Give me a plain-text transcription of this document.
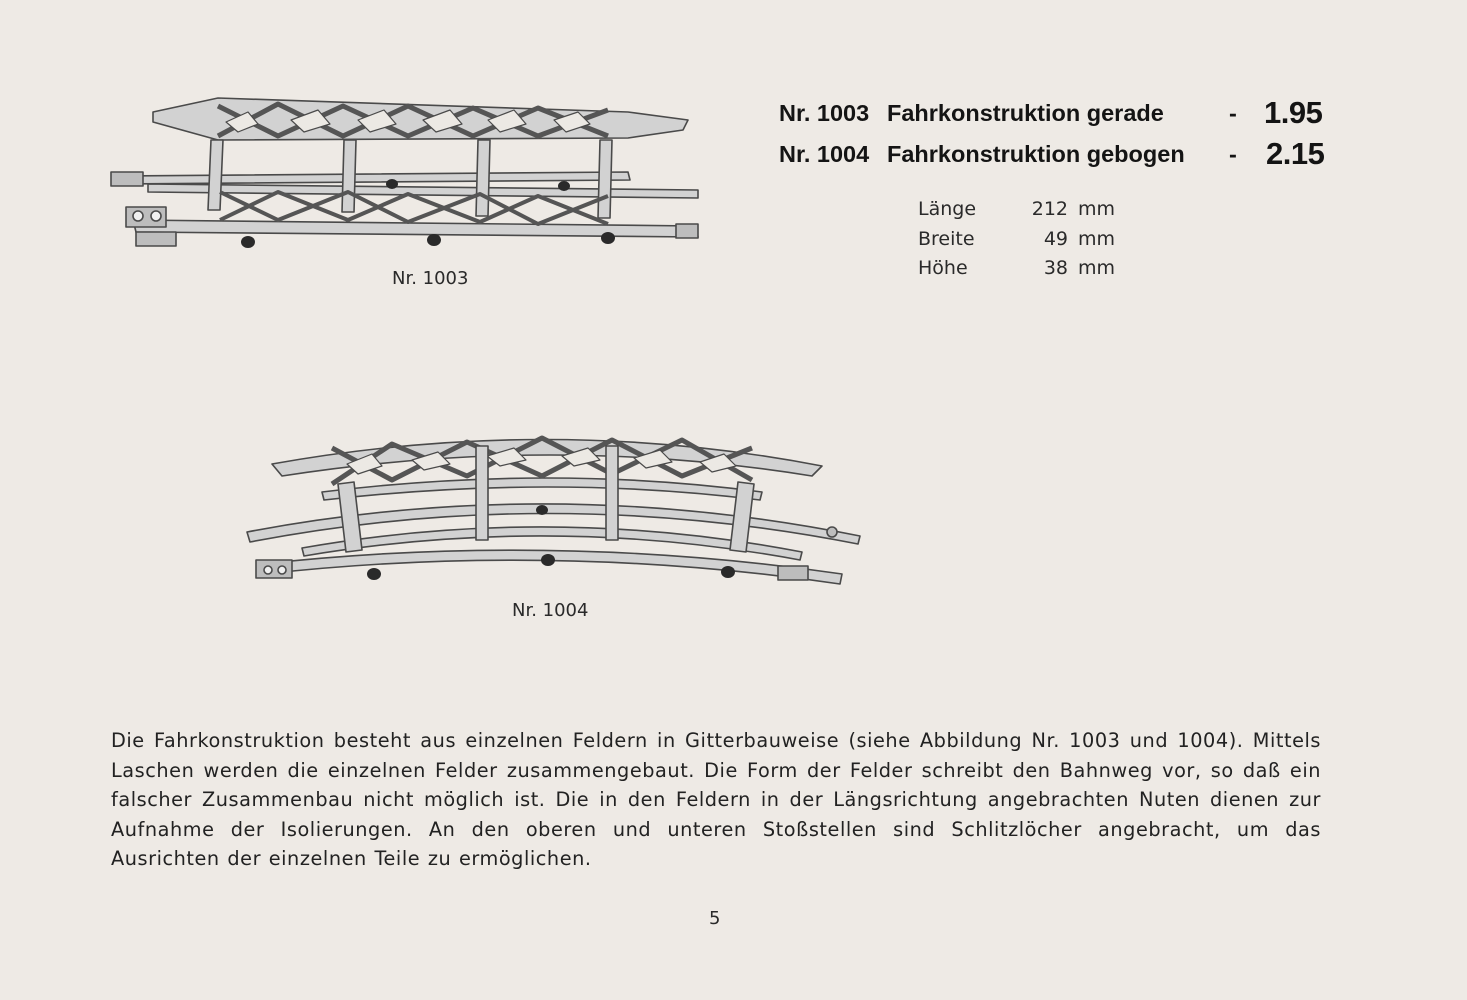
Nr. 1003 Fahrkonstruktion gerade	- 1.95
Nr. 1004 Fahrkonstruktion gebogen - 2.15
Länge	212 mm
Breite	49 mm
Höhe	38 mm
Nr. 1003
Nr. 1004
Die Fahrkonstruktion besteht aus einzelnen Feldern in Gitterbauweise (siehe Abbildung Nr. 1003 und 1004). Mittels Laschen werden die einzelnen Felder zusammengebaut. Die Form der Felder schreibt den Bahnweg vor, so daß ein falscher Zusammenbau nicht möglich ist. Die in den Feldern in der Längsrichtung angebrachten Nuten dienen zur Aufnahme der Isolierungen. An den oberen und unteren Stoßstellen sind Schlitzlöcher angebracht, um das Ausrichten der einzelnen Teile zu ermöglichen.
5
